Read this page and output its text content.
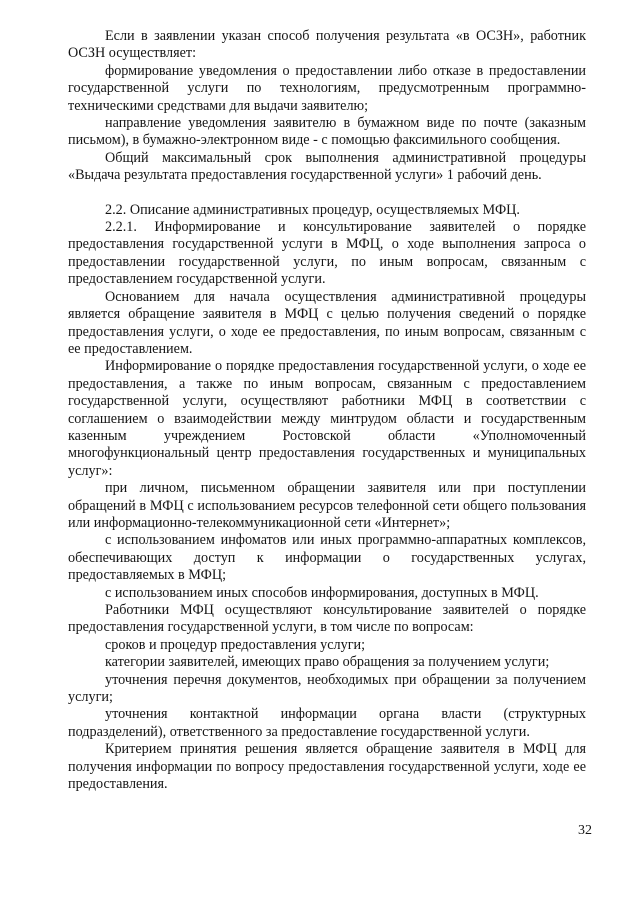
Если в заявлении указан способ получения результата «в ОСЗН», работник ОСЗН осуществляет:

формирование уведомления о предоставлении либо отказе в предоставлении государственной услуги по технологиям, предусмотренным программно-техническими средствами для выдачи заявителю;

направление уведомления заявителю в бумажном виде по почте (заказным письмом), в бумажно-электронном виде - с помощью факсимильного сообщения.

Общий максимальный срок выполнения административной процедуры «Выдача результата предоставления государственной услуги» 1 рабочий день.

2.2. Описание административных процедур, осуществляемых МФЦ.

2.2.1. Информирование и консультирование заявителей о порядке предоставления государственной услуги в МФЦ, о ходе выполнения запроса о предоставлении государственной услуги, по иным вопросам, связанным с предоставлением государственной услуги.

Основанием для начала осуществления административной процедуры является обращение заявителя в МФЦ с целью получения сведений о порядке предоставления услуги, о ходе ее предоставления, по иным вопросам, связанным с ее предоставлением.

Информирование о порядке предоставления государственной услуги, о ходе ее предоставления, а также по иным вопросам, связанным с предоставлением государственной услуги, осуществляют работники МФЦ в соответствии с соглашением о взаимодействии между минтрудом области и государственным казенным учреждением Ростовской области «Уполномоченный многофункциональный центр предоставления государственных и муниципальных услуг»:

при личном, письменном обращении заявителя или при поступлении обращений в МФЦ с использованием ресурсов телефонной сети общего пользования или информационно-телекоммуникационной сети «Интернет»;

с использованием инфоматов или иных программно-аппаратных комплексов, обеспечивающих доступ к информации о государственных услугах, предоставляемых в МФЦ;

с использованием иных способов информирования, доступных в МФЦ.

Работники МФЦ осуществляют консультирование заявителей о порядке предоставления государственной услуги, в том числе по вопросам:

сроков и процедур предоставления услуги;

категории заявителей, имеющих право обращения за получением услуги;

уточнения перечня документов, необходимых при обращении за получением услуги;

уточнения контактной информации органа власти (структурных подразделений), ответственного за предоставление государственной услуги.

Критерием принятия решения является обращение заявителя в МФЦ для получения информации по вопросу предоставления государственной услуги, ходе ее предоставления.

32
